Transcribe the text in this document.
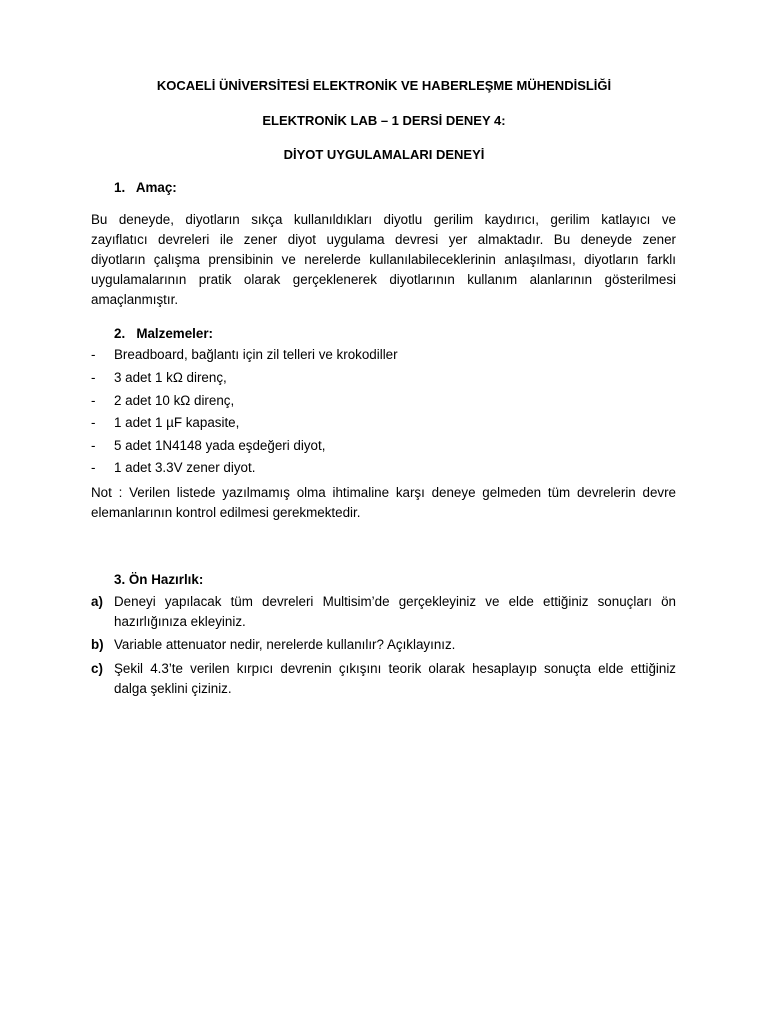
KOCAELİ ÜNİVERSİTESİ ELEKTRONİK VE HABERLEŞME MÜHENDİSLİĞİ
ELEKTRONİK LAB – 1 DERSİ DENEY 4:
DİYOT UYGULAMALARI DENEYİ
1.   Amaç:
Bu deneyde, diyotların sıkça kullanıldıkları diyotlu gerilim kaydırıcı, gerilim katlayıcı ve
zayıflatıcı devreleri ile zener diyot uygulama devresi yer almaktadır. Bu deneyde zener
diyotların çalışma prensibinin ve nerelerde kullanılabileceklerinin anlaşılması, diyotların farklı
uygulamalarının pratik olarak gerçeklenerek diyotlarının kullanım alanlarının gösterilmesi
amaçlanmıştır.
2.   Malzemeler:
- Breadboard, bağlantı için zil telleri ve krokodiller
- 3 adet 1 kΩ direnç,
- 2 adet 10 kΩ direnç,
- 1 adet 1 µF kapasite,
- 5 adet 1N4148 yada eşdeğeri diyot,
- 1 adet 3.3V zener diyot.
Not : Verilen listede yazılmamış olma ihtimaline karşı deneye gelmeden tüm devrelerin devre
elemanlarının kontrol edilmesi gerekmektedir.
3. Ön Hazırlık:
a) Deneyi yapılacak tüm devreleri Multisim’de gerçekleyiniz ve elde ettiğiniz sonuçları ön
hazırlığınıza ekleyiniz.
b) Variable attenuator nedir, nerelerde kullanılır? Açıklayınız.
c) Şekil 4.3’te verilen kırpıcı devrenin çıkışını teorik olarak hesaplayıp sonuçta elde ettiğiniz
dalga şeklini çiziniz.
